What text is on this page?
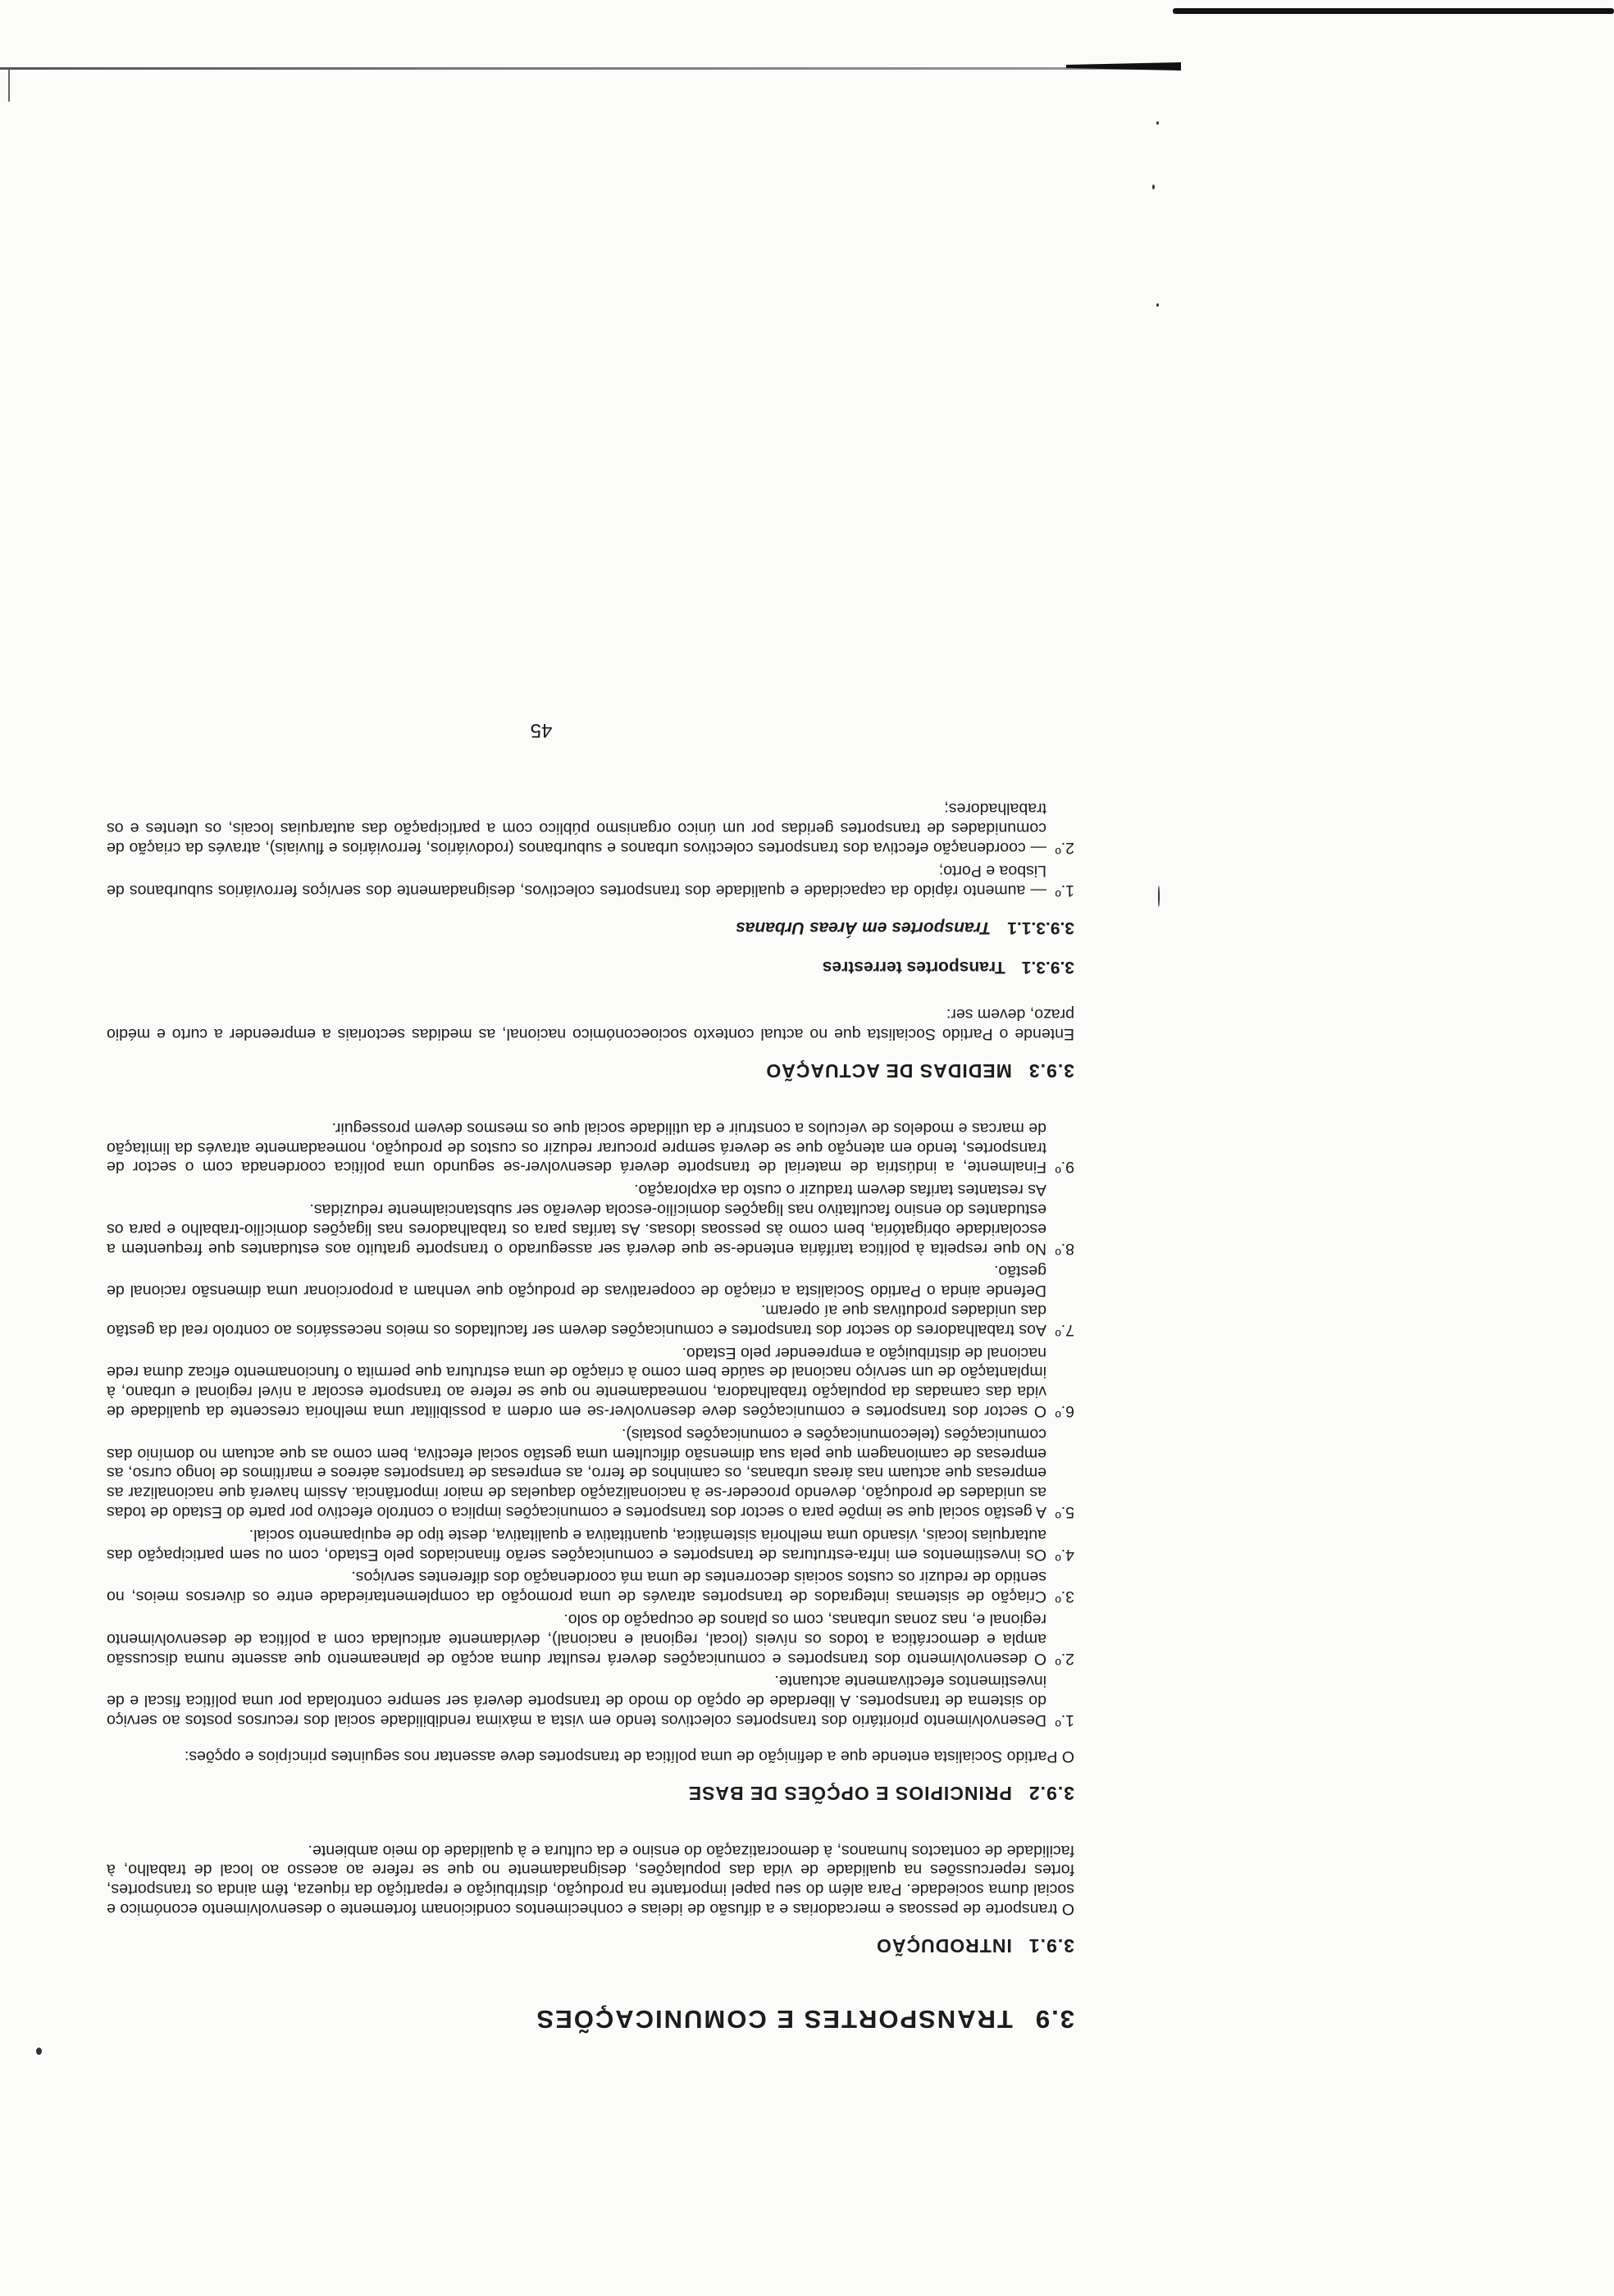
3.9
TRANSPORTES E COMUNICAÇÕES
3.9.1
INTRODUÇÃO

O transporte de pessoas e mercadorias e a difusão de ideias e conhecimentos condicionam fortemente o desenvolvimento económico e social duma sociedade. Para além do seu papel importante na produção, distribuição e repartição da riqueza, têm ainda os transportes, fortes repercussões na qualidade de vida das populações, designadamente no que se refere ao acesso ao local de trabalho, à facilidade de contactos humanos, à democratização do ensino e da cultura e à qualidade do meio ambiente.

3.9.2
PRINCIPIOS E OPÇÕES DE BASE

O Partido Socialista entende que a definição de uma política de transportes deve assentar nos seguintes princípios e opções:

1.º

Desenvolvimento prioritário dos transportes colectivos tendo em vista a máxima rendibilidade social dos recursos postos ao serviço do sistema de transportes. A liberdade de opção do modo de transporte deverá ser sempre controlada por uma política fiscal e de investimentos efectivamente actuante.

2.º

O desenvolvimento dos transportes e comunicações deverá resultar duma acção de planeamento que assente numa discussão ampla e democrática a todos os níveis (local, regional e nacional), devidamente articulada com a política de desenvolvimento regional e, nas zonas urbanas, com os planos de ocupação do solo.

3.º

Criação de sistemas integrados de transportes através de uma promoção da complementariedade entre os diversos meios, no sentido de reduzir os custos sociais decorrentes de uma má coordenação dos diferentes serviços.

4.º

Os investimentos em infra-estruturas de transportes e comunicações serão financiados pelo Estado, com ou sem participação das autarquias locais, visando uma melhoria sistemática, quantitativa e qualitativa, deste tipo de equipamento social.

5.º

A gestão social que se impõe para o sector dos transportes e comunicações implica o controlo efectivo por parte do Estado de todas as unidades de produção, devendo proceder-se à nacionalização daquelas de maior importância. Assim haverá que nacionalizar as empresas que actuam nas áreas urbanas, os caminhos de ferro, as empresas de transportes aéreos e marítimos de longo curso, as empresas de camionagem que pela sua dimensão dificultem uma gestão social efectiva, bem como as que actuam no domínio das comunicações (telecomunicações e comunicações postais).

6.º

O sector dos transportes e comunicações deve desenvolver-se em ordem a possibilitar uma melhoria crescente da qualidade de vida das camadas da população trabalhadora, nomeadamente no que se refere ao transporte escolar a nível regional e urbano, à implantação de um serviço nacional de saúde bem como à criação de uma estrutura que permita o funcionamento eficaz duma rede nacional de distribuição a empreender pelo Estado.

7.º

Aos trabalhadores do sector dos transportes e comunicações devem ser facultados os meios necessários ao controlo real da gestão das unidades produtivas que aí operam.

Defende ainda o Partido Socialista a criação de cooperativas de produção que venham a proporcionar uma dimensão racional de gestão.

8.º

No que respeita à política tarifária entende-se que deverá ser assegurado o transporte gratuito aos estudantes que frequentem a escolaridade obrigatória, bem como às pessoas idosas. As tarifas para os trabalhadores nas ligações domicílio-trabalho e para os estudantes do ensino facultativo nas ligações domicílio-escola deverão ser substancialmente reduzidas.

As restantes tarifas devem traduzir o custo da exploração.

9.º

Finalmente, a indústria de material de transporte deverá desenvolver-se segundo uma política coordenada com o sector de transportes, tendo em atenção que se deverá sempre procurar reduzir os custos de produção, nomeadamente através da limitação de marcas e modelos de veículos a construir e da utilidade social que os mesmos devem prosseguir.

3.9.3
MEDIDAS DE ACTUAÇÃO

Entende o Partido Socialista que no actual contexto socioeconómico nacional, as medidas sectoriais a empreender a curto e médio prazo, devem ser:

3.9.3.1
Transportes terrestres
3.9.3.1.1
Transportes em Áreas Urbanas
1.º

— aumento rápido da capacidade e qualidade dos transportes colectivos, designadamente dos serviços ferroviários suburbanos de Lisboa e Porto;

2.º

— coordenação efectiva dos transportes colectivos urbanos e suburbanos (rodoviários, ferroviários e fluviais), através da criação de comunidades de transportes geridas por um único organismo público com a participação das autarquias locais, os utentes e os trabalhadores;

45
